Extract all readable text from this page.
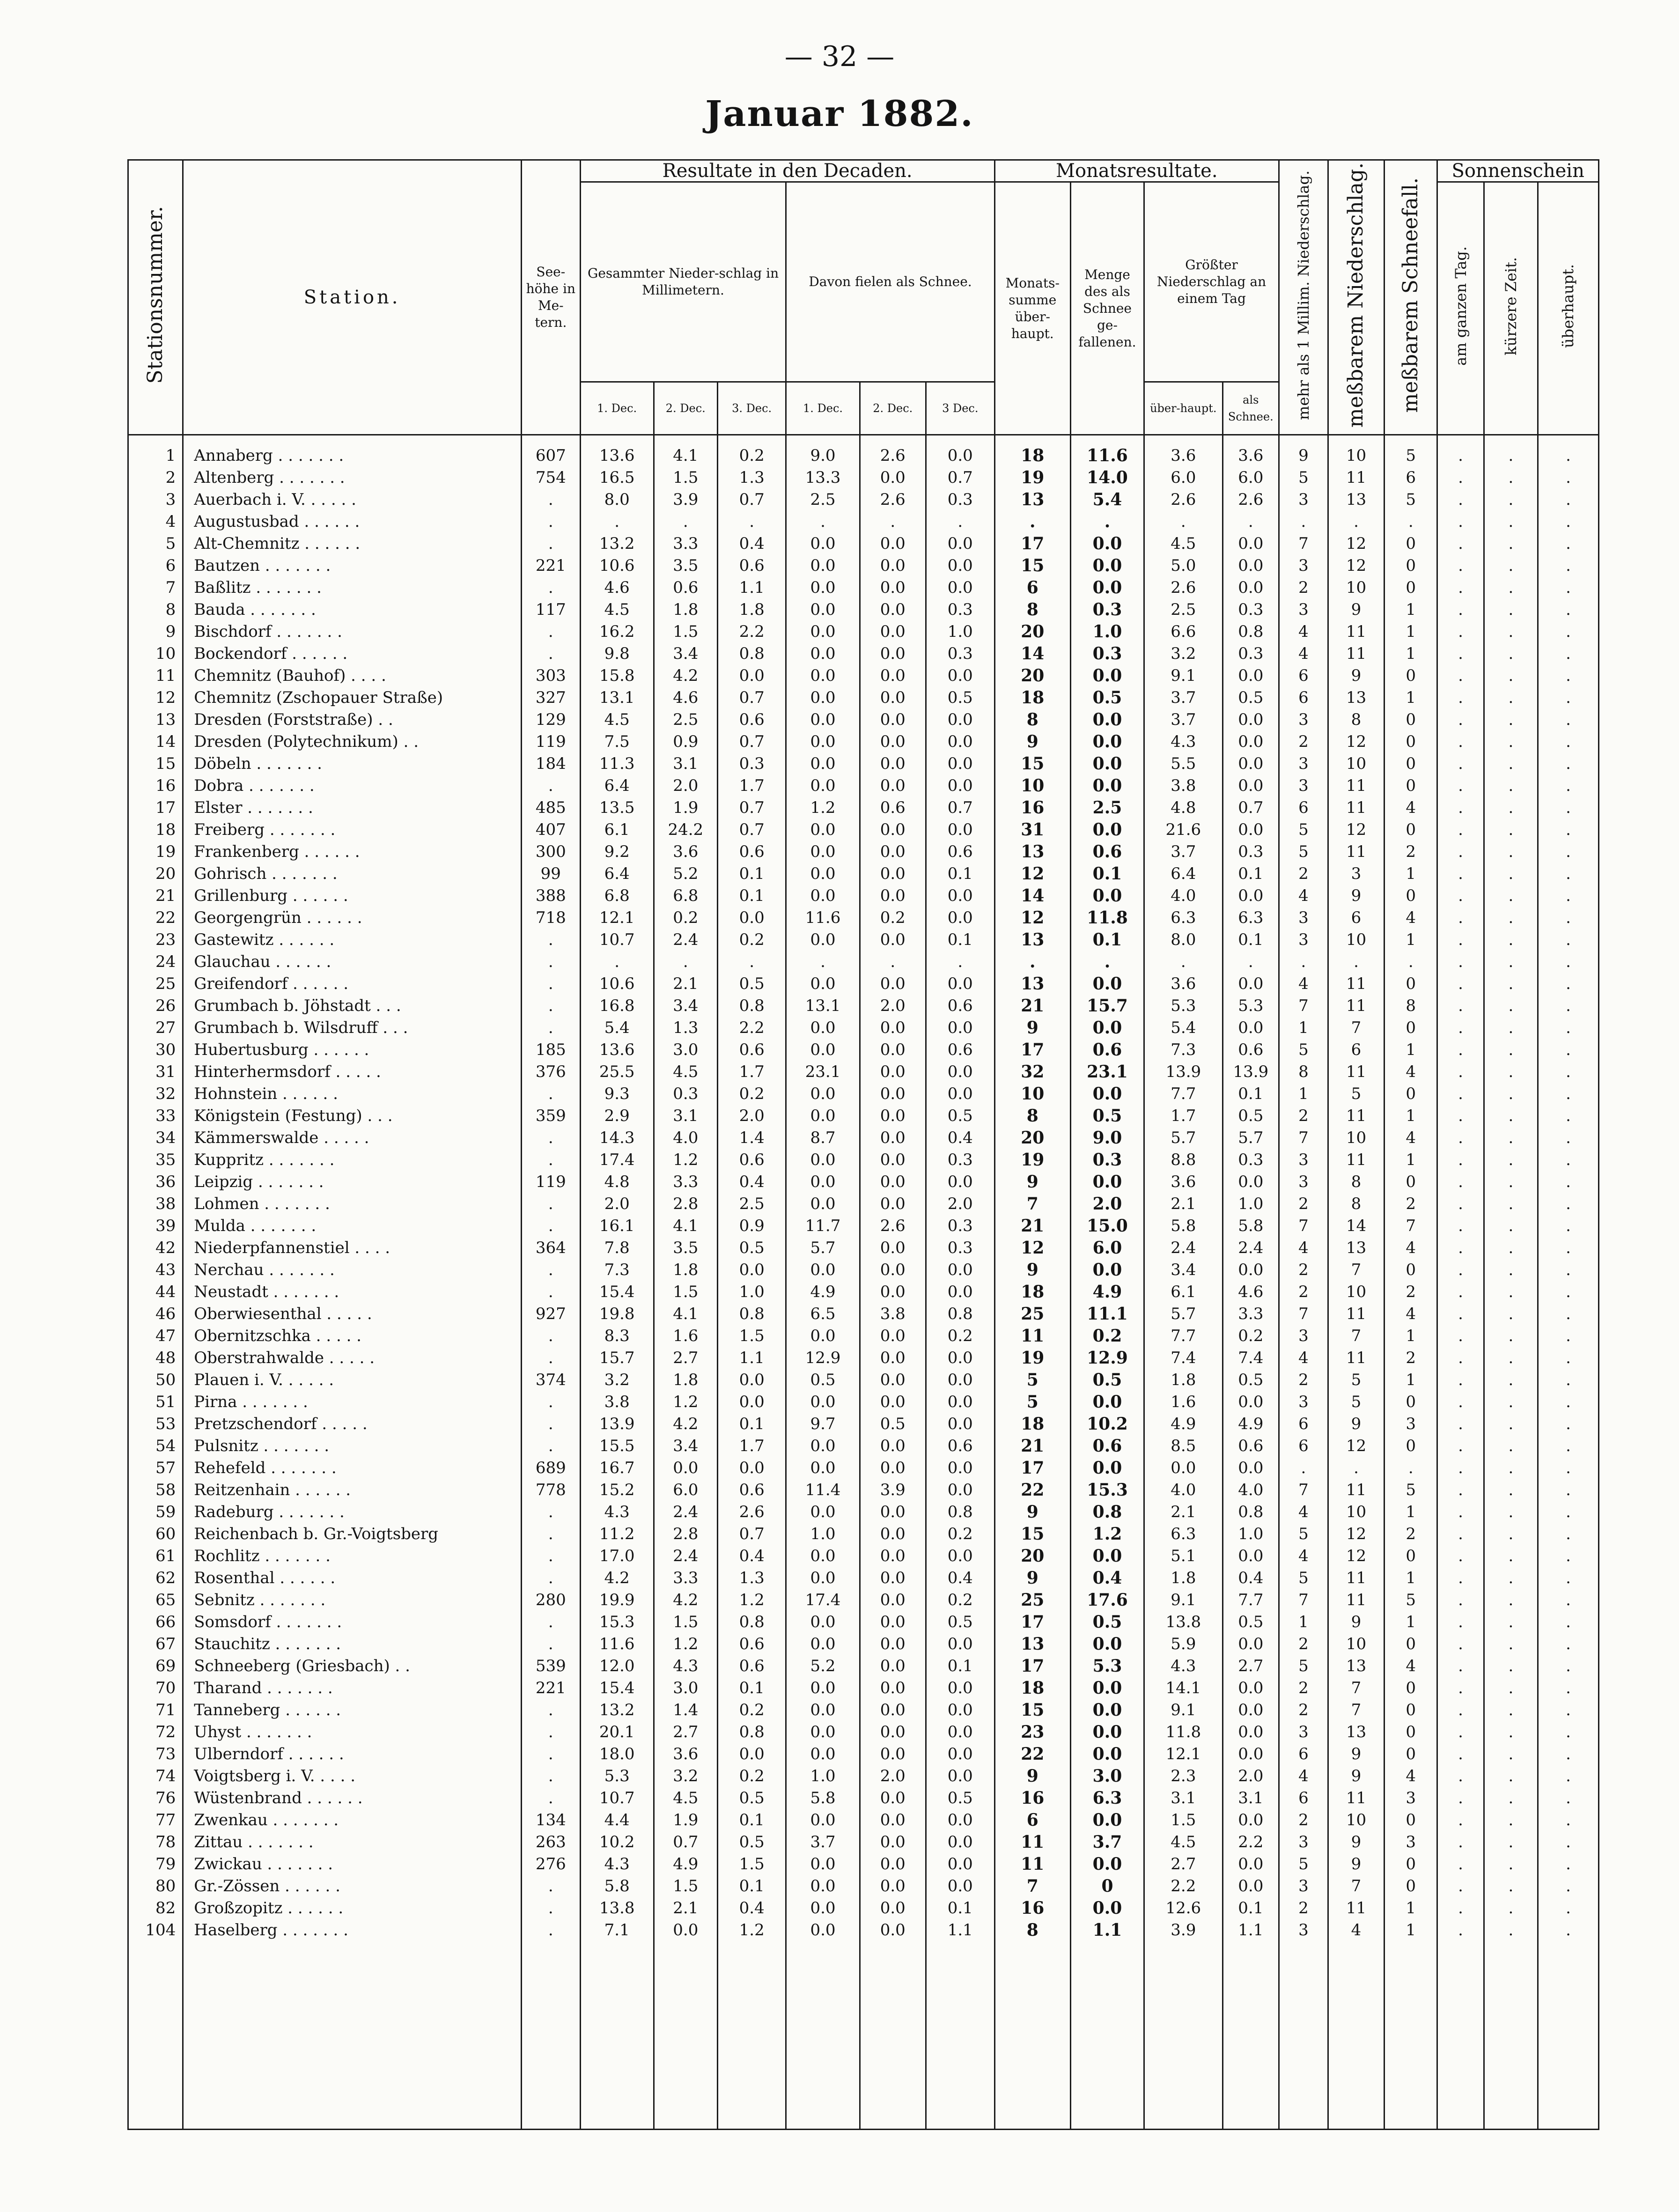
— 32 —
Januar 1882.
Stationsnummer.	Station.	See-höhe in Me-tern.	Resultate in den Decaden.						Monatsresultate.				mehr als 1 Millim. Niederschlag.	meßbarem Niederschlag.	meßbarem Schneefall.	Sonnenschein		
			Gesammter Nieder-schlag in Millimetern.			Davon fielen als Schnee.			Monats-summe über-haupt.	Menge des als Schnee ge-fallenen.	Größter Niederschlag an einem Tag					am ganzen Tag.	kürzere Zeit.	überhaupt.
			1. Dec.	2. Dec.	3. Dec.	1. Dec.	2. Dec.	3 Dec.			über-haupt.	als Schnee.						
1	Annaberg . . . . . . .	607	13.6	4.1	0.2	9.0	2.6	0.0	18	11.6	3.6	3.6	9	10	5	.	.	.
2	Altenberg . . . . . . .	754	16.5	1.5	1.3	13.3	0.0	0.7	19	14.0	6.0	6.0	5	11	6	.	.	.
3	Auerbach i. V. . . . . .	.	8.0	3.9	0.7	2.5	2.6	0.3	13	5.4	2.6	2.6	3	13	5	.	.	.
4	Augustusbad . . . . . .	.	.	.	.	.	.	.	.	.	.	.	.	.	.	.	.	.
5	Alt-Chemnitz . . . . . .	.	13.2	3.3	0.4	0.0	0.0	0.0	17	0.0	4.5	0.0	7	12	0	.	.	.
6	Bautzen . . . . . . .	221	10.6	3.5	0.6	0.0	0.0	0.0	15	0.0	5.0	0.0	3	12	0	.	.	.
7	Baßlitz . . . . . . .	.	4.6	0.6	1.1	0.0	0.0	0.0	6	0.0	2.6	0.0	2	10	0	.	.	.
8	Bauda . . . . . . .	117	4.5	1.8	1.8	0.0	0.0	0.3	8	0.3	2.5	0.3	3	9	1	.	.	.
9	Bischdorf . . . . . . .	.	16.2	1.5	2.2	0.0	0.0	1.0	20	1.0	6.6	0.8	4	11	1	.	.	.
10	Bockendorf . . . . . .	.	9.8	3.4	0.8	0.0	0.0	0.3	14	0.3	3.2	0.3	4	11	1	.	.	.
11	Chemnitz (Bauhof) . . . .	303	15.8	4.2	0.0	0.0	0.0	0.0	20	0.0	9.1	0.0	6	9	0	.	.	.
12	Chemnitz (Zschopauer Straße)	327	13.1	4.6	0.7	0.0	0.0	0.5	18	0.5	3.7	0.5	6	13	1	.	.	.
13	Dresden (Forststraße) . .	129	4.5	2.5	0.6	0.0	0.0	0.0	8	0.0	3.7	0.0	3	8	0	.	.	.
14	Dresden (Polytechnikum) . .	119	7.5	0.9	0.7	0.0	0.0	0.0	9	0.0	4.3	0.0	2	12	0	.	.	.
15	Döbeln . . . . . . .	184	11.3	3.1	0.3	0.0	0.0	0.0	15	0.0	5.5	0.0	3	10	0	.	.	.
16	Dobra . . . . . . .	.	6.4	2.0	1.7	0.0	0.0	0.0	10	0.0	3.8	0.0	3	11	0	.	.	.
17	Elster . . . . . . .	485	13.5	1.9	0.7	1.2	0.6	0.7	16	2.5	4.8	0.7	6	11	4	.	.	.
18	Freiberg . . . . . . .	407	6.1	24.2	0.7	0.0	0.0	0.0	31	0.0	21.6	0.0	5	12	0	.	.	.
19	Frankenberg . . . . . .	300	9.2	3.6	0.6	0.0	0.0	0.6	13	0.6	3.7	0.3	5	11	2	.	.	.
20	Gohrisch . . . . . . .	99	6.4	5.2	0.1	0.0	0.0	0.1	12	0.1	6.4	0.1	2	3	1	.	.	.
21	Grillenburg . . . . . .	388	6.8	6.8	0.1	0.0	0.0	0.0	14	0.0	4.0	0.0	4	9	0	.	.	.
22	Georgengrün . . . . . .	718	12.1	0.2	0.0	11.6	0.2	0.0	12	11.8	6.3	6.3	3	6	4	.	.	.
23	Gastewitz . . . . . .	.	10.7	2.4	0.2	0.0	0.0	0.1	13	0.1	8.0	0.1	3	10	1	.	.	.
24	Glauchau . . . . . .	.	.	.	.	.	.	.	.	.	.	.	.	.	.	.	.	.
25	Greifendorf . . . . . .	.	10.6	2.1	0.5	0.0	0.0	0.0	13	0.0	3.6	0.0	4	11	0	.	.	.
26	Grumbach b. Jöhstadt . . .	.	16.8	3.4	0.8	13.1	2.0	0.6	21	15.7	5.3	5.3	7	11	8	.	.	.
27	Grumbach b. Wilsdruff . . .	.	5.4	1.3	2.2	0.0	0.0	0.0	9	0.0	5.4	0.0	1	7	0	.	.	.
30	Hubertusburg . . . . . .	185	13.6	3.0	0.6	0.0	0.0	0.6	17	0.6	7.3	0.6	5	6	1	.	.	.
31	Hinterhermsdorf . . . . .	376	25.5	4.5	1.7	23.1	0.0	0.0	32	23.1	13.9	13.9	8	11	4	.	.	.
32	Hohnstein . . . . . .	.	9.3	0.3	0.2	0.0	0.0	0.0	10	0.0	7.7	0.1	1	5	0	.	.	.
33	Königstein (Festung) . . .	359	2.9	3.1	2.0	0.0	0.0	0.5	8	0.5	1.7	0.5	2	11	1	.	.	.
34	Kämmerswalde . . . . .	.	14.3	4.0	1.4	8.7	0.0	0.4	20	9.0	5.7	5.7	7	10	4	.	.	.
35	Kuppritz . . . . . . .	.	17.4	1.2	0.6	0.0	0.0	0.3	19	0.3	8.8	0.3	3	11	1	.	.	.
36	Leipzig . . . . . . .	119	4.8	3.3	0.4	0.0	0.0	0.0	9	0.0	3.6	0.0	3	8	0	.	.	.
38	Lohmen . . . . . . .	.	2.0	2.8	2.5	0.0	0.0	2.0	7	2.0	2.1	1.0	2	8	2	.	.	.
39	Mulda . . . . . . .	.	16.1	4.1	0.9	11.7	2.6	0.3	21	15.0	5.8	5.8	7	14	7	.	.	.
42	Niederpfannenstiel . . . .	364	7.8	3.5	0.5	5.7	0.0	0.3	12	6.0	2.4	2.4	4	13	4	.	.	.
43	Nerchau . . . . . . .	.	7.3	1.8	0.0	0.0	0.0	0.0	9	0.0	3.4	0.0	2	7	0	.	.	.
44	Neustadt . . . . . . .	.	15.4	1.5	1.0	4.9	0.0	0.0	18	4.9	6.1	4.6	2	10	2	.	.	.
46	Oberwiesenthal . . . . .	927	19.8	4.1	0.8	6.5	3.8	0.8	25	11.1	5.7	3.3	7	11	4	.	.	.
47	Obernitzschka . . . . .	.	8.3	1.6	1.5	0.0	0.0	0.2	11	0.2	7.7	0.2	3	7	1	.	.	.
48	Oberstrahwalde . . . . .	.	15.7	2.7	1.1	12.9	0.0	0.0	19	12.9	7.4	7.4	4	11	2	.	.	.
50	Plauen i. V. . . . . .	374	3.2	1.8	0.0	0.5	0.0	0.0	5	0.5	1.8	0.5	2	5	1	.	.	.
51	Pirna . . . . . . .	.	3.8	1.2	0.0	0.0	0.0	0.0	5	0.0	1.6	0.0	3	5	0	.	.	.
53	Pretzschendorf . . . . .	.	13.9	4.2	0.1	9.7	0.5	0.0	18	10.2	4.9	4.9	6	9	3	.	.	.
54	Pulsnitz . . . . . . .	.	15.5	3.4	1.7	0.0	0.0	0.6	21	0.6	8.5	0.6	6	12	0	.	.	.
57	Rehefeld . . . . . . .	689	16.7	0.0	0.0	0.0	0.0	0.0	17	0.0	0.0	0.0	.	.	.	.	.	.
58	Reitzenhain . . . . . .	778	15.2	6.0	0.6	11.4	3.9	0.0	22	15.3	4.0	4.0	7	11	5	.	.	.
59	Radeburg . . . . . . .	.	4.3	2.4	2.6	0.0	0.0	0.8	9	0.8	2.1	0.8	4	10	1	.	.	.
60	Reichenbach b. Gr.-Voigtsberg	.	11.2	2.8	0.7	1.0	0.0	0.2	15	1.2	6.3	1.0	5	12	2	.	.	.
61	Rochlitz . . . . . . .	.	17.0	2.4	0.4	0.0	0.0	0.0	20	0.0	5.1	0.0	4	12	0	.	.	.
62	Rosenthal . . . . . .	.	4.2	3.3	1.3	0.0	0.0	0.4	9	0.4	1.8	0.4	5	11	1	.	.	.
65	Sebnitz . . . . . . .	280	19.9	4.2	1.2	17.4	0.0	0.2	25	17.6	9.1	7.7	7	11	5	.	.	.
66	Somsdorf . . . . . . .	.	15.3	1.5	0.8	0.0	0.0	0.5	17	0.5	13.8	0.5	1	9	1	.	.	.
67	Stauchitz . . . . . . .	.	11.6	1.2	0.6	0.0	0.0	0.0	13	0.0	5.9	0.0	2	10	0	.	.	.
69	Schneeberg (Griesbach) . .	539	12.0	4.3	0.6	5.2	0.0	0.1	17	5.3	4.3	2.7	5	13	4	.	.	.
70	Tharand . . . . . . .	221	15.4	3.0	0.1	0.0	0.0	0.0	18	0.0	14.1	0.0	2	7	0	.	.	.
71	Tanneberg . . . . . .	.	13.2	1.4	0.2	0.0	0.0	0.0	15	0.0	9.1	0.0	2	7	0	.	.	.
72	Uhyst . . . . . . .	.	20.1	2.7	0.8	0.0	0.0	0.0	23	0.0	11.8	0.0	3	13	0	.	.	.
73	Ulberndorf . . . . . .	.	18.0	3.6	0.0	0.0	0.0	0.0	22	0.0	12.1	0.0	6	9	0	.	.	.
74	Voigtsberg i. V. . . . .	.	5.3	3.2	0.2	1.0	2.0	0.0	9	3.0	2.3	2.0	4	9	4	.	.	.
76	Wüstenbrand . . . . . .	.	10.7	4.5	0.5	5.8	0.0	0.5	16	6.3	3.1	3.1	6	11	3	.	.	.
77	Zwenkau . . . . . . .	134	4.4	1.9	0.1	0.0	0.0	0.0	6	0.0	1.5	0.0	2	10	0	.	.	.
78	Zittau . . . . . . .	263	10.2	0.7	0.5	3.7	0.0	0.0	11	3.7	4.5	2.2	3	9	3	.	.	.
79	Zwickau . . . . . . .	276	4.3	4.9	1.5	0.0	0.0	0.0	11	0.0	2.7	0.0	5	9	0	.	.	.
80	Gr.-Zössen . . . . . .	.	5.8	1.5	0.1	0.0	0.0	0.0	7	0	2.2	0.0	3	7	0	.	.	.
82	Großzopitz . . . . . .	.	13.8	2.1	0.4	0.0	0.0	0.1	16	0.0	12.6	0.1	2	11	1	.	.	.
104	Haselberg . . . . . . .	.	7.1	0.0	1.2	0.0	0.0	1.1	8	1.1	3.9	1.1	3	4	1	.	.	.
